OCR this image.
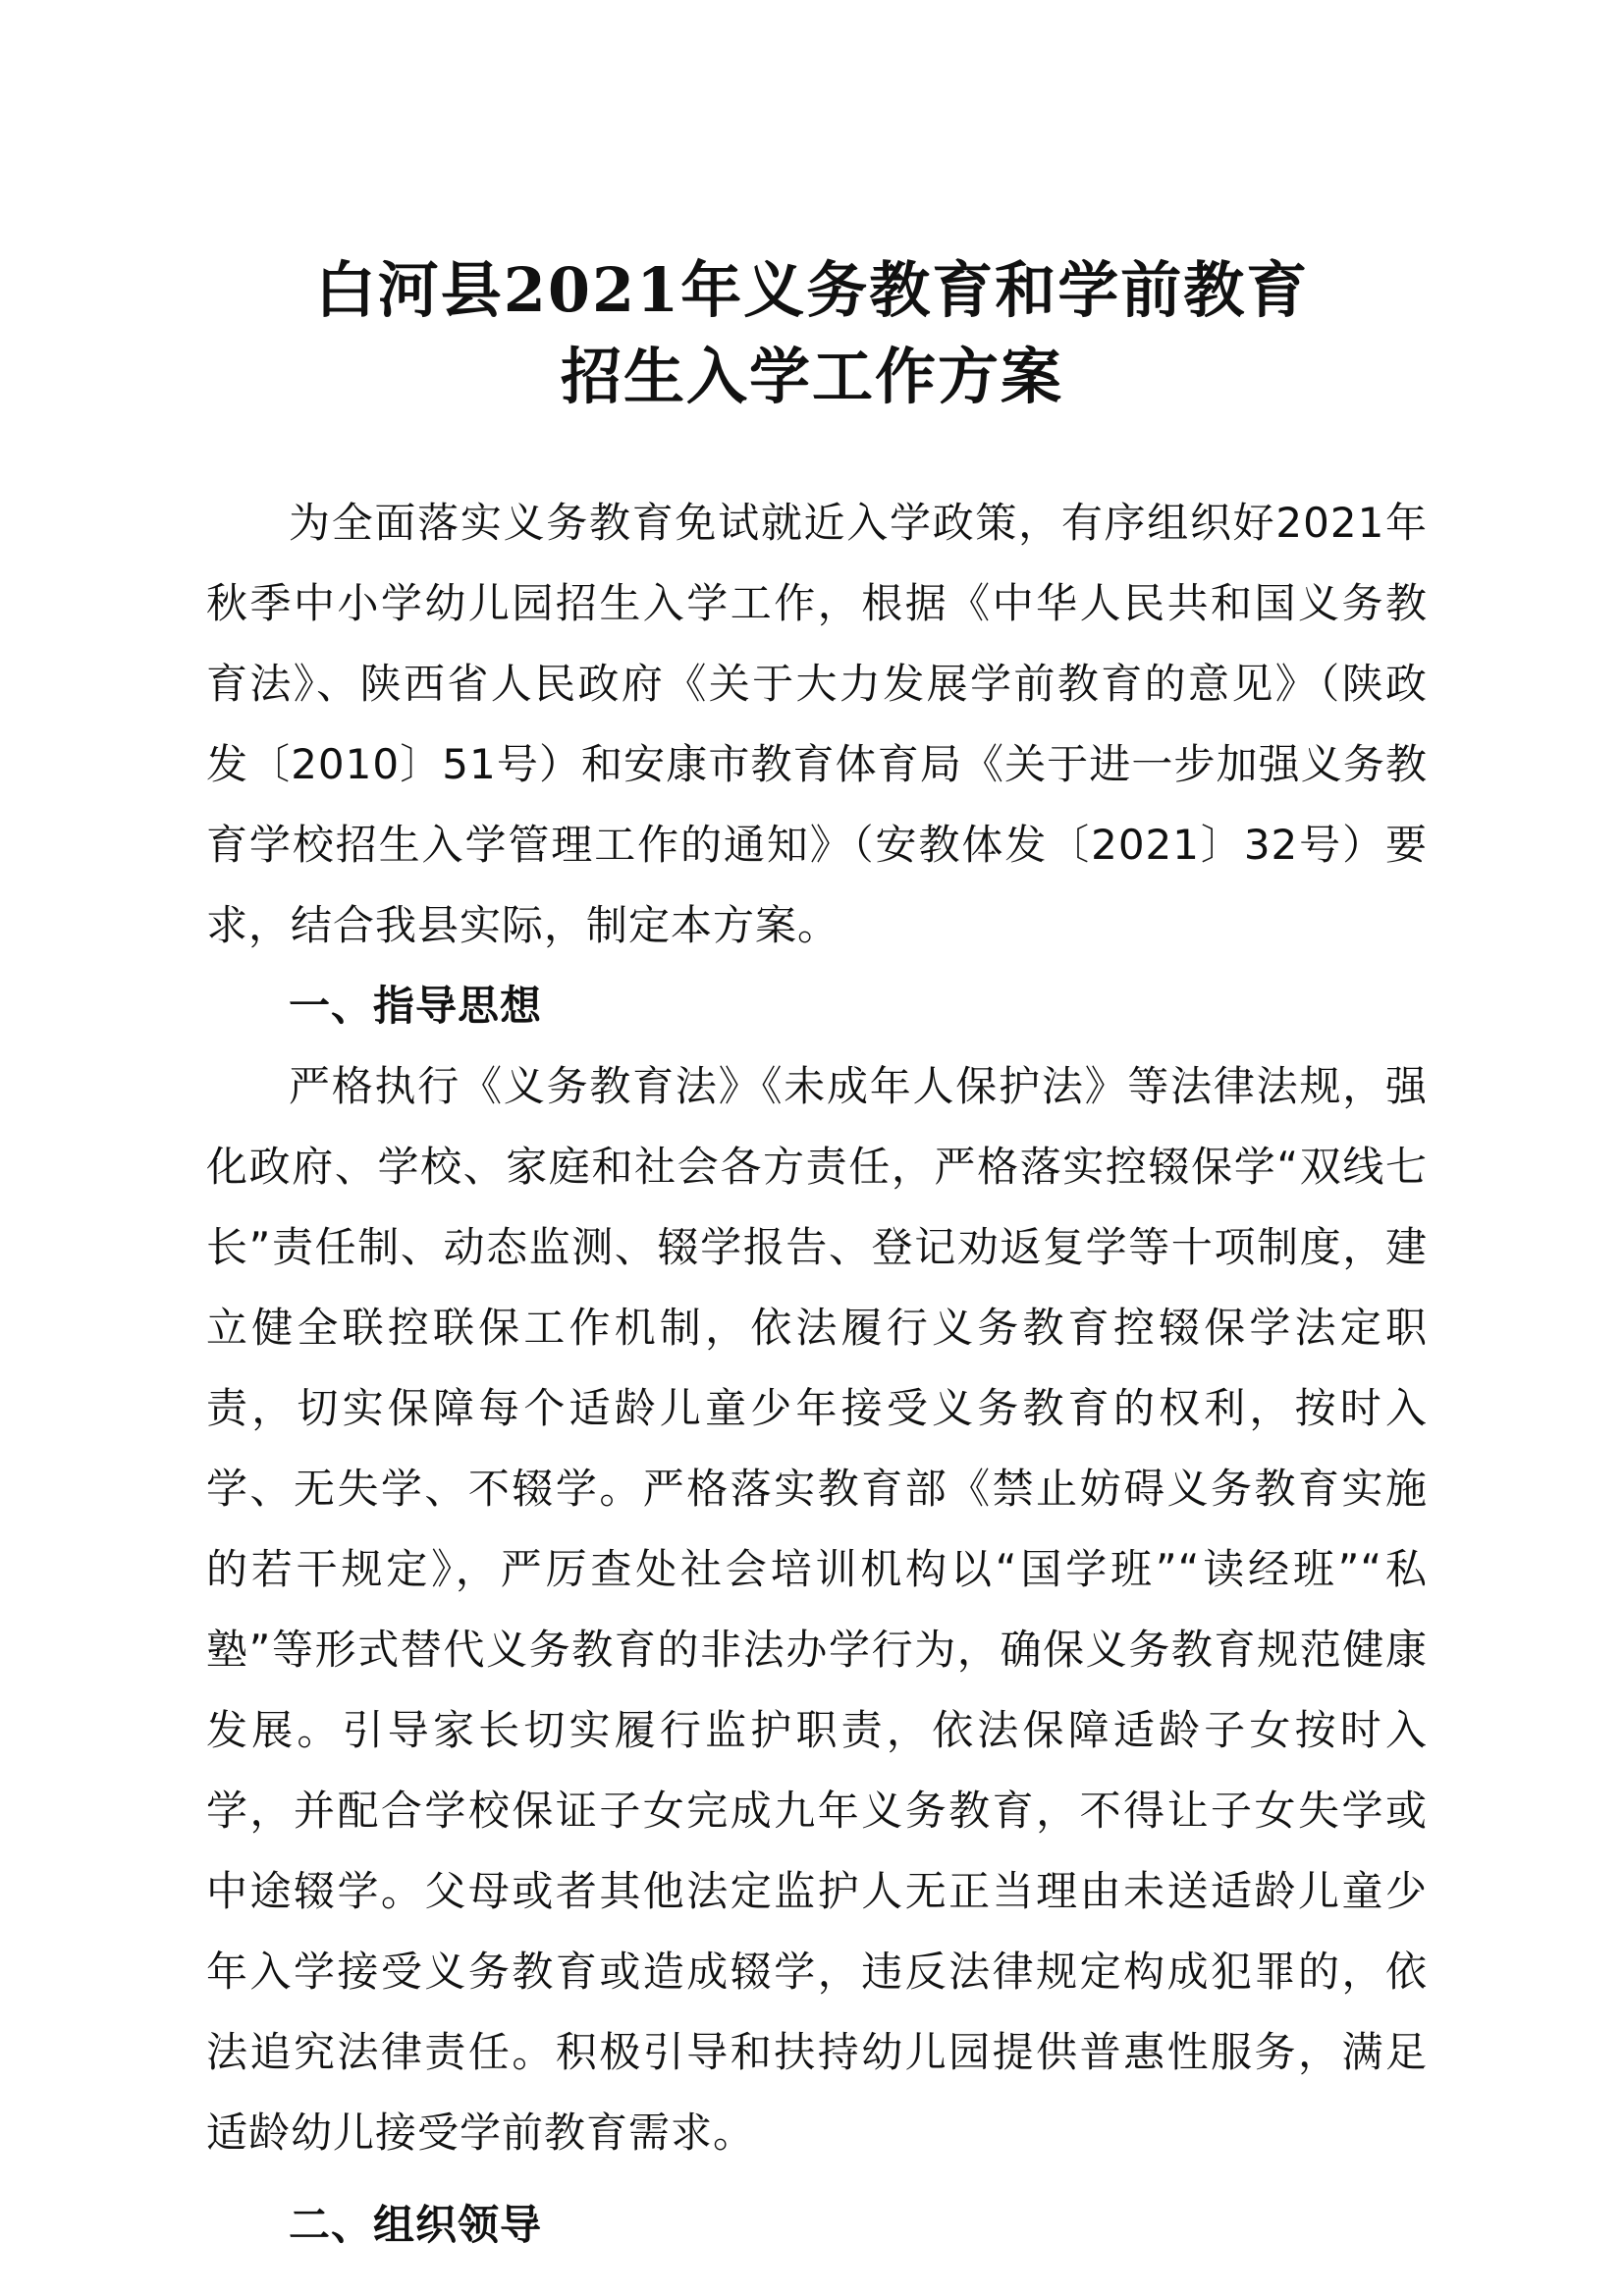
白河县2021年义务教育和学前教育
招生入学工作方案

为全面落实义务教育免试就近入学政策，有序组织好2021年秋季中小学幼儿园招生入学工作，根据《中华人民共和国义务教育法》、陕西省人民政府《关于大力发展学前教育的意见》（陕政发〔2010〕51号）和安康市教育体育局《关于进一步加强义务教育学校招生入学管理工作的通知》（安教体发〔2021〕32号）要求，结合我县实际，制定本方案。

一、指导思想

严格执行《义务教育法》《未成年人保护法》等法律法规，强化政府、学校、家庭和社会各方责任，严格落实控辍保学“双线七长”责任制、动态监测、辍学报告、登记劝返复学等十项制度，建立健全联控联保工作机制，依法履行义务教育控辍保学法定职责，切实保障每个适龄儿童少年接受义务教育的权利，按时入学、无失学、不辍学。严格落实教育部《禁止妨碍义务教育实施的若干规定》，严厉查处社会培训机构以“国学班”“读经班”“私塾”等形式替代义务教育的非法办学行为，确保义务教育规范健康发展。引导家长切实履行监护职责，依法保障适龄子女按时入学，并配合学校保证子女完成九年义务教育，不得让子女失学或中途辍学。父母或者其他法定监护人无正当理由未送适龄儿童少年入学接受义务教育或造成辍学，违反法律规定构成犯罪的，依法追究法律责任。积极引导和扶持幼儿园提供普惠性服务，满足适龄幼儿接受学前教育需求。

二、组织领导
